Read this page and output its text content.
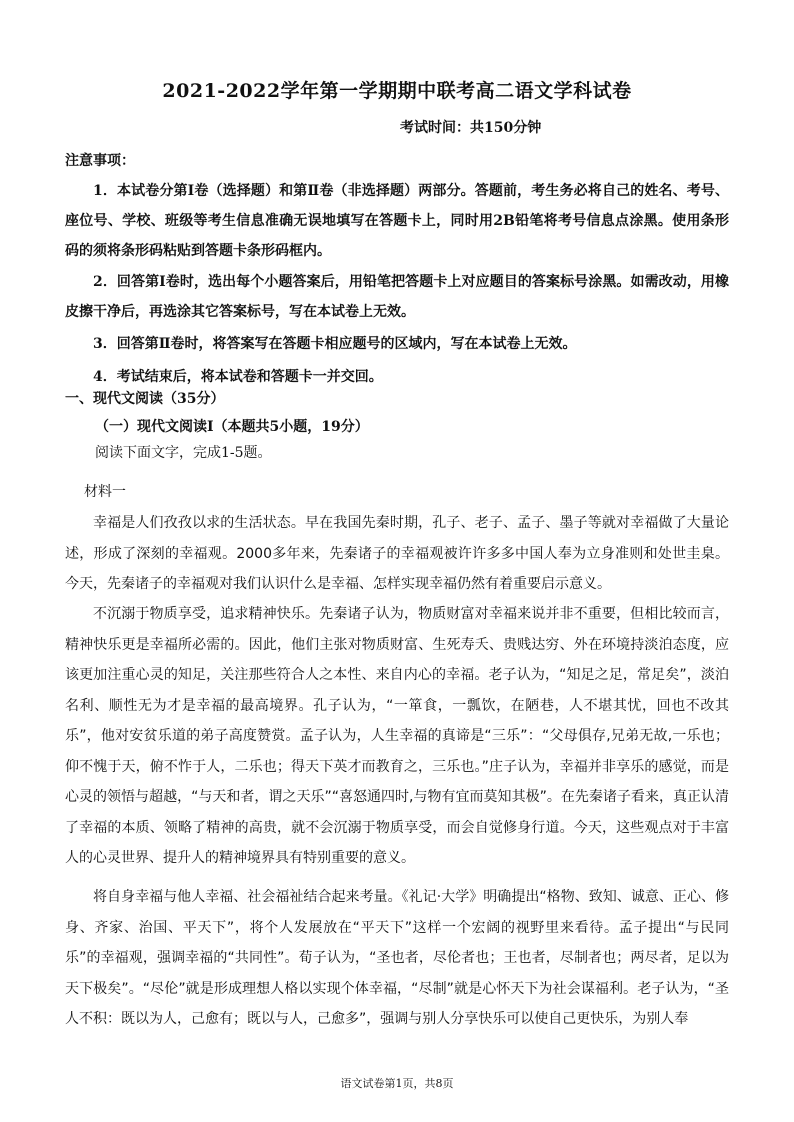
2021-2022学年第一学期期中联考高二语文学科试卷
考试时间：共150分钟
注意事项：
1．本试卷分第Ⅰ卷（选择题）和第Ⅱ卷（非选择题）两部分。答题前，考生务必将自己的姓名、考号、座位号、学校、班级等考生信息准确无误地填写在答题卡上，同时用2B铅笔将考号信息点涂黑。使用条形码的须将条形码粘贴到答题卡条形码框内。
2．回答第Ⅰ卷时，选出每个小题答案后，用铅笔把答题卡上对应题目的答案标号涂黑。如需改动，用橡皮擦干净后，再选涂其它答案标号，写在本试卷上无效。
3．回答第Ⅱ卷时，将答案写在答题卡相应题号的区域内，写在本试卷上无效。
4．考试结束后，将本试卷和答题卡一并交回。
一、现代文阅读（35分）
（一）现代文阅读Ⅰ（本题共5小题，19分）
阅读下面文字，完成1-5题。
材料一
幸福是人们孜孜以求的生活状态。早在我国先秦时期，孔子、老子、孟子、墨子等就对幸福做了大量论述，形成了深刻的幸福观。2000多年来，先秦诸子的幸福观被许许多多中国人奉为立身准则和处世圭臬。今天，先秦诸子的幸福观对我们认识什么是幸福、怎样实现幸福仍然有着重要启示意义。
不沉溺于物质享受，追求精神快乐。先秦诸子认为，物质财富对幸福来说并非不重要，但相比较而言，精神快乐更是幸福所必需的。因此，他们主张对物质财富、生死寿夭、贵贱达穷、外在环境持淡泊态度，应该更加注重心灵的知足，关注那些符合人之本性、来自内心的幸福。老子认为，“知足之足，常足矣”，淡泊名利、顺性无为才是幸福的最高境界。孔子认为，“一箪食，一瓢饮，在陋巷，人不堪其忧，回也不改其乐”，他对安贫乐道的弟子高度赞赏。孟子认为，人生幸福的真谛是“三乐”：“父母俱存,兄弟无故,一乐也；仰不愧于天，俯不怍于人，二乐也；得天下英才而教育之，三乐也。”庄子认为，幸福并非享乐的感觉，而是心灵的领悟与超越，“与天和者，谓之天乐”“喜怒通四时,与物有宜而莫知其极”。在先秦诸子看来，真正认清了幸福的本质、领略了精神的高贵，就不会沉溺于物质享受，而会自觉修身行道。今天，这些观点对于丰富人的心灵世界、提升人的精神境界具有特别重要的意义。
将自身幸福与他人幸福、社会福祉结合起来考量。《礼记·大学》明确提出“格物、致知、诚意、正心、修身、齐家、治国、平天下”，将个人发展放在“平天下”这样一个宏阔的视野里来看待。孟子提出“与民同乐”的幸福观，强调幸福的“共同性”。荀子认为，“圣也者，尽伦者也；王也者，尽制者也；两尽者，足以为天下极矣”。“尽伦”就是形成理想人格以实现个体幸福，“尽制”就是心怀天下为社会谋福利。老子认为，“圣人不积：既以为人，己愈有；既以与人，己愈多”，强调与别人分享快乐可以使自己更快乐，为别人奉
语文试卷第1页，共8页
